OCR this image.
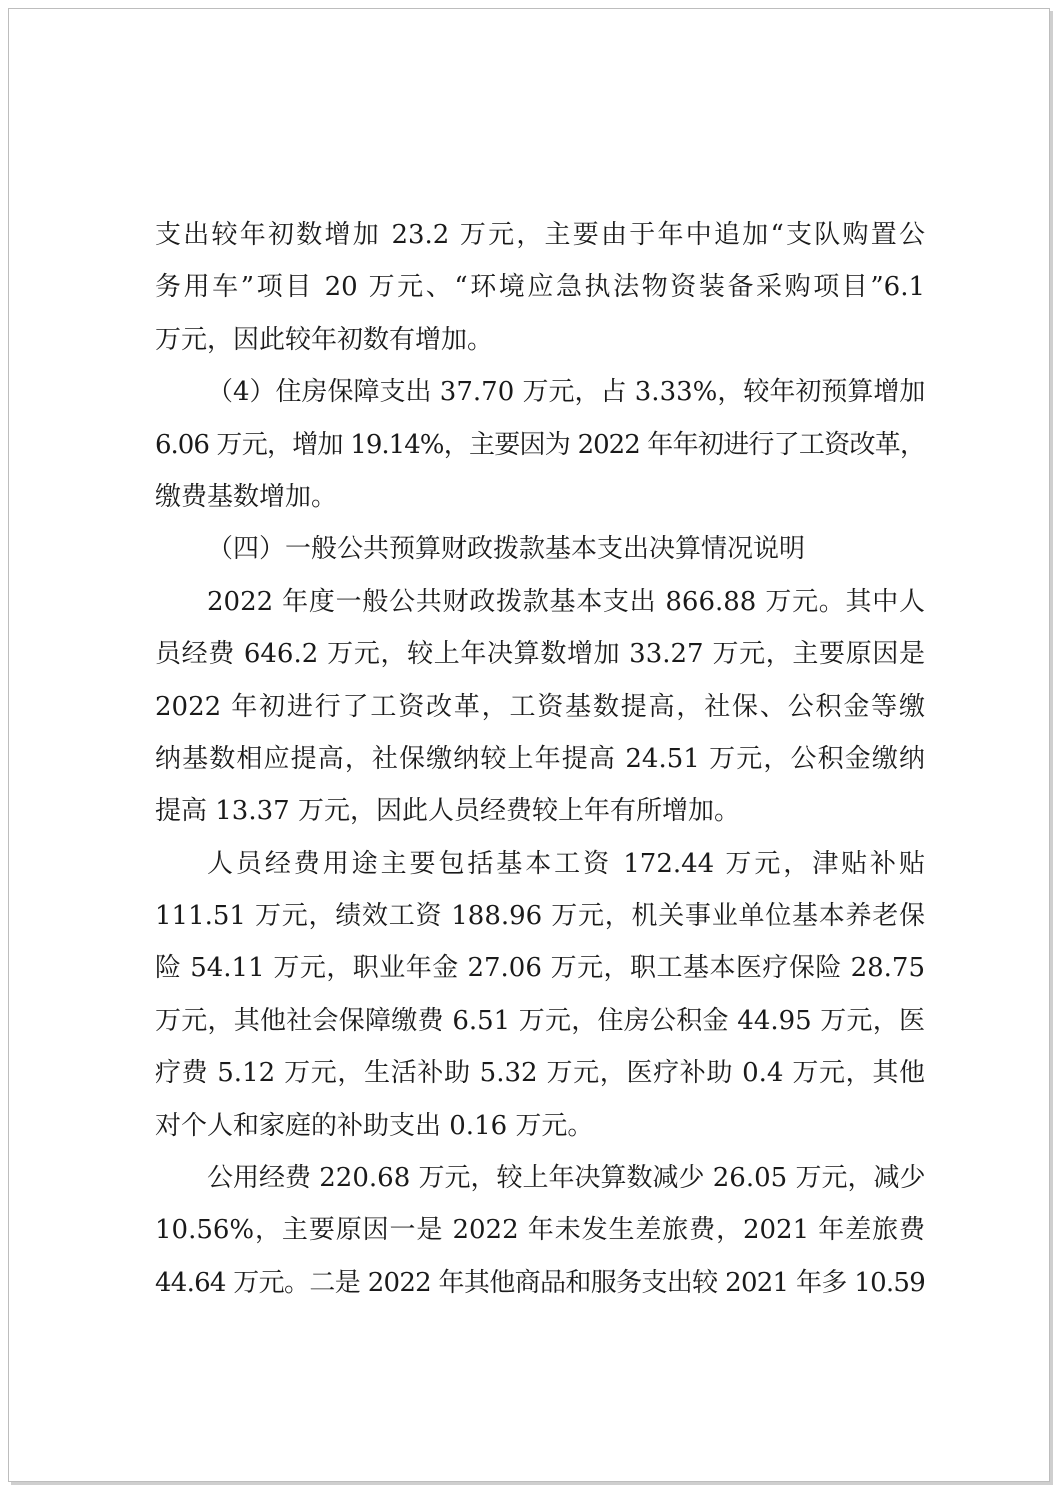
支出较年初数增加 23.2 万元，主要由于年中追加“支队购置公
务用车”项目 20 万元、“环境应急执法物资装备采购项目”6.1
万元，因此较年初数有增加。
（4）住房保障支出 37.70 万元，占 3.33%，较年初预算增加
6.06 万元，增加 19.14%，主要因为 2022 年年初进行了工资改革，
缴费基数增加。
（四）一般公共预算财政拨款基本支出决算情况说明
2022 年度一般公共财政拨款基本支出 866.88 万元。其中人
员经费 646.2 万元，较上年决算数增加 33.27 万元，主要原因是
2022 年初进行了工资改革，工资基数提高，社保、公积金等缴
纳基数相应提高，社保缴纳较上年提高 24.51 万元，公积金缴纳
提高 13.37 万元，因此人员经费较上年有所增加。
人员经费用途主要包括基本工资 172.44 万元，津贴补贴
111.51 万元，绩效工资 188.96 万元，机关事业单位基本养老保
险 54.11 万元，职业年金 27.06 万元，职工基本医疗保险 28.75
万元，其他社会保障缴费 6.51 万元，住房公积金 44.95 万元，医
疗费 5.12 万元，生活补助 5.32 万元，医疗补助 0.4 万元，其他
对个人和家庭的补助支出 0.16 万元。
公用经费 220.68 万元，较上年决算数减少 26.05 万元，减少
10.56%，主要原因一是 2022 年未发生差旅费，2021 年差旅费
44.64 万元。二是 2022 年其他商品和服务支出较 2021 年多 10.59
